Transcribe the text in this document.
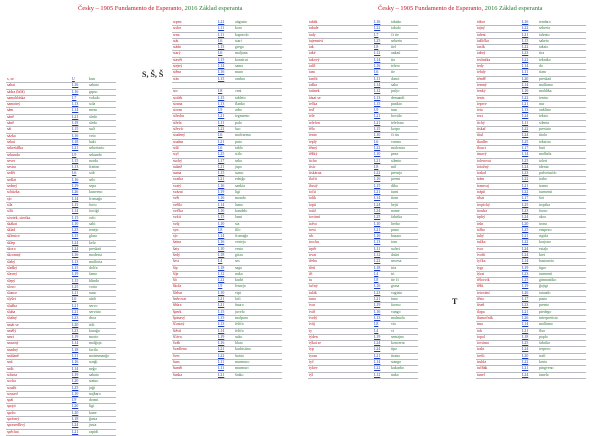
Česky – 1905 Fundamento de Esperanto, 2016 Základ esperanta	Česky – 1905 Fundamento de Esperanto, 2016 Základ esperanta
S, Š, Š
T
s, se	U	kun
sabat	L16	sabato
sádra (bílá)	L16	gipso
samohláska	L7	vokalo
samotný	L13	sola
sám	L14	mem
sáně	L21	sledo
sáně	L18	sledo
sát	L15	suĉi
sázka	L16	veto
sekat	L18	haki
sekretářka	L21	sekretario
sekunda	L9	sekundo
sever	L15	norda
sestra	L13	fratino
sedět	L6	sidi
sedlat	L16	selo
sedmý	L19	sepa
schůzka	L26	kunveno
sýr	L14	fromaĝo
síla	L15	forto
sílit	L14	fortiĝi
sirotek, sirotka	L15	orfo
skákat	L10	salti
sklad	L25	tenejo
sklenice	L15	glaso
sklep	L24	kelo
skoro	L24	preskaŭ
skromný	L16	modesta
slabý	L13	malforta
sladký	L15	dolĉa
slavný	L19	fama
slepý	L15	blinda
slovo	L25	vorto
slunce	L11	suno
slyšet	L6	aŭdi
služba	L21	servo
sluha	L21	servisto
slušný	L23	deca
smát se	L20	ridi
smělý	L23	kuraĝa
smrt	L19	morto
smutný	L14	malĝoja
snadný	L18	facila
snídaně	L11	matenmanĝo
snít	L16	sonĝi
sníh	L14	neĝo
sobota	L19	sabato
socha	L20	statuo
soudit	L25	juĝi
soused	L10	najbaro
spát	L9	dormi
spojit	L20	ligi
spolu	L20	kune
správný	L18	ĝusta
spravedlivý	L24	justa
spěchat	L21	rapidi
srpen	L22	aŭgusto
srdce	L11	koro
srna	L11	kapreolo
stát	L6	stari
stádo	L15	grego
starý	L6	maljuna
stavět	L15	konstrui
stejný	L14	sama
stěna	L16	muro
stín	L15	ombro
sto	L8	cent
stolek	L15	tableto
strana	L13	flanko
strom	L9	arbo
střecha	L21	tegmento
střela	L11	pafo
střevíc	L22	ŝuo
studený	L6	malvarma
studna	L21	puto
stůl	L6	tablo
styl	L25	stilo
suchý	L17	seka
sukně	L21	jupo
suma	L15	sumo
svatba	L21	edziĝo
svatý	L16	sankta
svázat	L19	ligi
svět	L16	mondo
světlo	L14	lumo
svíčka	L16	kandelo
svítit	L15	lumi
svůj	L10	sia
syn	L8	filo
sýr	L14	fromaĝo
šatna	L16	vestejo
šaty	L10	vesto
šedý	L18	griza
šest	L4	ses
šíp	L18	sago
šíje	L12	nuko
šít	L22	kudri
škola	L9	lernejo
šlehat	L10	vipi
šněrovat	L21	laĉi
šňůra	L21	ŝnuro
šperk	L15	juvelo
špinavý	L15	malpura
šťastný	L13	feliĉa
štěstí	L14	feliĉo
šťáva	L19	suko
šváb	L16	blato
švadlena	L21	kudristino
švec	L22	ŝuisto
šum	L11	murmuro
šumět	L11	murmuri
šunka	L21	ŝinko
tabák	L16	tabako
tabule	L22	tabulo
tady	L7	ĉi tie
tajemství	L25	sekreto
tak	L8	tiel
také	L12	ankaŭ
takový	L14	tia
talíř	L16	telero
tam	L6	tie
tančit	L11	danci
taška	L14	sako
tatínek	L12	paĉjo
tázat se	L13	demandi
tečka	L15	punkto
teď	L9	nun
tele	L21	bovido
telefon	L21	telefono
tělo	L15	korpo
tento	L10	ĉi tiu
teplý	L6	varma
těsný	L22	malvasta
těžký	L10	peza
ticho	L21	silento
tisíc	L8	mil
tiskárna	L22	presejo
tlačit	L16	premi
tlustý	L15	dika
točit	L21	turni
tolik	L14	tiom
topit	L24	hejti
totiž	L24	nome
tovární	L25	fabrika
tráva	L10	herbo
trest	L21	puno
trh	L16	bazaro
trochu	L13	iom
trpět	L11	suferi
trvat	L12	daŭri
třeba	L22	necesa
třetí	L18	tria
tři	L4	tri
tu	L8	tie ĉi
tučný	L16	grasa
tulák	L23	vagisto
tuna	L21	tuno
tvar	L19	formo
tvář	L16	vango
tvrdý	L13	malmola
tvůj	L8	via
ty	L4	vi
týden	L19	semajno
týkat se	L24	koncerni
typ	L24	tipo
tyran	L21	tirano
tyč	L14	stango
tykev	L22	kukurbo
týl	L12	nuko
tábor	L16	tendaro
tajný	L22	sekreta
talent	L21	talento
tašlička	L15	saketo
taxík	L22	taksio
tažný	L23	tira
technika	L22	tekniko
tedy	L14	do
tehdy	L11	tiam
téměř	L20	preskaŭ
temný	L14	malluma
tenký	L16	maldika
tenis	L22	teniso
teprve	L21	nur
teta	L13	onklino
text	L24	teksto
tichý	L11	silenta
tiskař	L22	presisto
titul	L24	titolo
tkadlec	L25	teksisto
tlouct	L17	bati
tmavý	L14	malhela
tolerovat	L25	toleri
totožný	L24	identa
trakař	L23	puŝveturilo
trám	L22	trabo
tramvaj	L21	tramo
trápit	L22	turmenti
trhat	L17	ŝiri
tropický	L25	tropika
trouba	L23	forno
trpký	L24	akra
trůn	L20	trono
tržba	L25	enspezo
tuhý	L21	rigida
tužka	L22	krajono
tvor	L24	estaĵo
tvořit	L24	krei
tyčka	L14	bastoneto
tygr	L19	tigro
týrat	L23	turmenti
tělocvik	L25	gimnastiko
těšit	L19	ĝojigi
tetování	L26	tatuado
těsto	L17	pasto
tíseň	L23	premo
tlapa	L21	piedego
tlumočník	L26	interpretisto
tma	L14	mallumo
tok	L21	fluo
topol	L18	poplo
továrna	L25	fabriko
trakt	L24	terpeco
trefit	L20	trafi
truhla	L22	kesto
tučňák	L21	pingveno
tunel	L24	tunelo
